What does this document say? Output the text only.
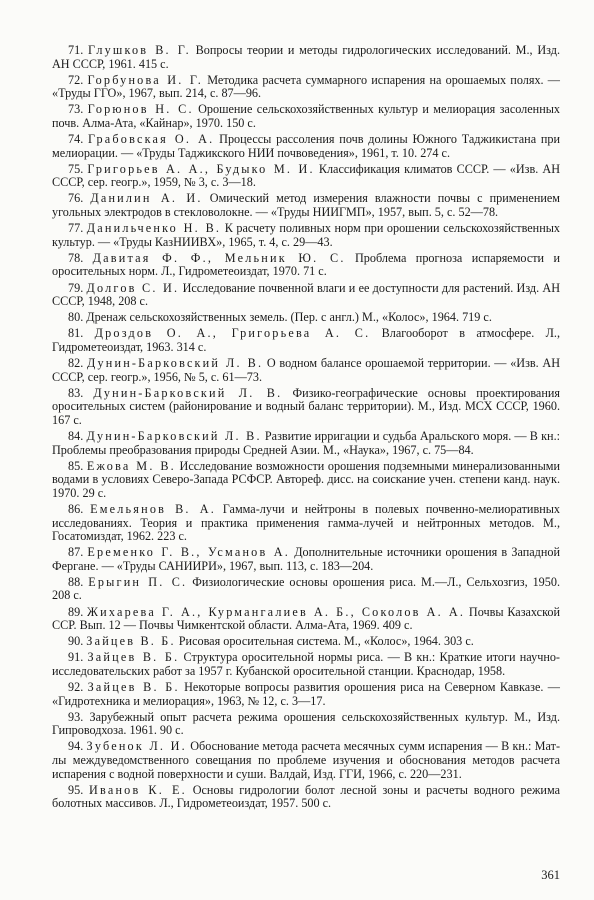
71. Глушков В. Г. Вопросы теории и методы гидрологических исследований. М., Изд. АН СССР, 1961. 415 с.

72. Горбунова И. Г. Методика расчета суммарного испарения на орошаемых полях. — «Труды ГГО», 1967, вып. 214, с. 87—96.

73. Горюнов Н. С. Орошение сельскохозяйственных культур и мелиорация засоленных почв. Алма-Ата, «Кайнар», 1970. 150 с.

74. Грабовская О. А. Процессы рассоления почв долины Южного Таджикистана при мелиорации. — «Труды Таджикского НИИ почвоведения», 1961, т. 10. 274 с.

75. Григорьев А. А., Будыко М. И. Классификация климатов СССР. — «Изв. АН СССР, сер. геогр.», 1959, № 3, с. 3—18.

76. Данилин А. И. Омический метод измерения влажности почвы с применением угольных электродов в стекловолокне. — «Труды НИИГМП», 1957, вып. 5, с. 52—78.

77. Данильченко Н. В. К расчету поливных норм при орошении сельскохозяйственных культур. — «Труды КазНИИВХ», 1965, т. 4, с. 29—43.

78. Давитая Ф. Ф., Мельник Ю. С. Проблема прогноза испаряемости и оросительных норм. Л., Гидрометеоиздат, 1970. 71 с.

79. Долгов С. И. Исследование почвенной влаги и ее доступности для растений. Изд. АН СССР, 1948, 208 с.

80. Дренаж сельскохозяйственных земель. (Пер. с англ.) М., «Колос», 1964. 719 с.

81. Дроздов О. А., Григорьева А. С. Влагооборот в атмосфере. Л., Гидрометеоиздат, 1963. 314 с.

82. Дунин-Барковский Л. В. О водном балансе орошаемой территории. — «Изв. АН СССР, сер. геогр.», 1956, № 5, с. 61—73.

83. Дунин-Барковский Л. В. Физико-географические основы проектирования оросительных систем (районирование и водный баланс территории). М., Изд. МСХ СССР, 1960. 167 с.

84. Дунин-Барковский Л. В. Развитие ирригации и судьба Аральского моря. — В кн.: Проблемы преобразования природы Средней Азии. М., «Наука», 1967, с. 75—84.

85. Ежова М. В. Исследование возможности орошения подземными минерализованными водами в условиях Северо-Запада РСФСР. Автореф. дисс. на соискание учен. степени канд. наук. 1970. 29 с.

86. Емельянов В. А. Гамма-лучи и нейтроны в полевых почвенно-мелиоративных исследованиях. Теория и практика применения гамма-лучей и нейтронных методов. М., Госатомиздат, 1962. 223 с.

87. Еременко Г. В., Усманов А. Дополнительные источники орошения в Западной Фергане. — «Труды САНИИРИ», 1967, вып. 113, с. 183—204.

88. Ерыгин П. С. Физиологические основы орошения риса. М.—Л., Сельхозгиз, 1950. 208 с.

89. Жихарева Г. А., Курмангалиев А. Б., Соколов А. А. Почвы Казахской ССР. Вып. 12 — Почвы Чимкентской области. Алма-Ата, 1969. 409 с.

90. Зайцев В. Б. Рисовая оросительная система. М., «Колос», 1964. 303 с.

91. Зайцев В. Б. Структура оросительной нормы риса. — В кн.: Краткие итоги научно-исследовательских работ за 1957 г. Кубанской оросительной станции. Краснодар, 1958.

92. Зайцев В. Б. Некоторые вопросы развития орошения риса на Северном Кавказе. — «Гидротехника и мелиорация», 1963, № 12, с. 3—17.

93. Зарубежный опыт расчета режима орошения сельскохозяйственных культур. М., Изд. Гипроводхоза. 1961. 90 с.

94. Зубенок Л. И. Обоснование метода расчета месячных сумм испарения — В кн.: Мат-лы междуведомственного совещания по проблеме изучения и обоснования методов расчета испарения с водной поверхности и суши. Валдай, Изд. ГГИ, 1966, с. 220—231.

95. Иванов К. Е. Основы гидрологии болот лесной зоны и расчеты водного режима болотных массивов. Л., Гидрометеоиздат, 1957. 500 с.

361
